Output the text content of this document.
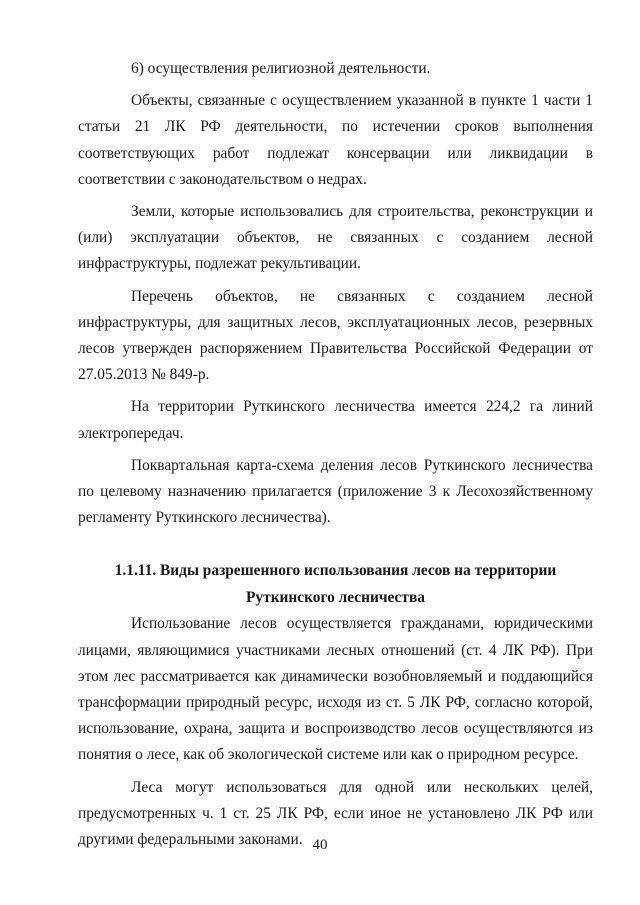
6) осуществления религиозной деятельности.

Объекты, связанные с осуществлением указанной в пункте 1 части 1 статьи 21 ЛК РФ деятельности, по истечении сроков выполнения соответствующих работ подлежат консервации или ликвидации в соответствии с законодательством о недрах.

Земли, которые использовались для строительства, реконструкции и (или) эксплуатации объектов, не связанных с созданием лесной инфраструктуры, подлежат рекультивации.

Перечень объектов, не связанных с созданием лесной инфраструктуры, для защитных лесов, эксплуатационных лесов, резервных лесов утвержден распоряжением Правительства Российской Федерации от 27.05.2013 № 849-р.

На территории Руткинского лесничества имеется 224,2 га линий электропередач.

Поквартальная карта-схема деления лесов Руткинского лесничества по целевому назначению прилагается (приложение 3 к Лесохозяйственному регламенту Руткинского лесничества).

1.1.11. Виды разрешенного использования лесов на территории
Руткинского лесничества

Использование лесов осуществляется гражданами, юридическими лицами, являющимися участниками лесных отношений (ст. 4 ЛК РФ). При этом лес рассматривается как динамически возобновляемый и поддающийся трансформации природный ресурс, исходя из ст. 5 ЛК РФ, согласно которой, использование, охрана, защита и воспроизводство лесов осуществляются из понятия о лесе, как об экологической системе или как о природном ресурсе.

Леса могут использоваться для одной или нескольких целей, предусмотренных ч. 1 ст. 25 ЛК РФ, если иное не установлено ЛК РФ или другими федеральными законами. 40
